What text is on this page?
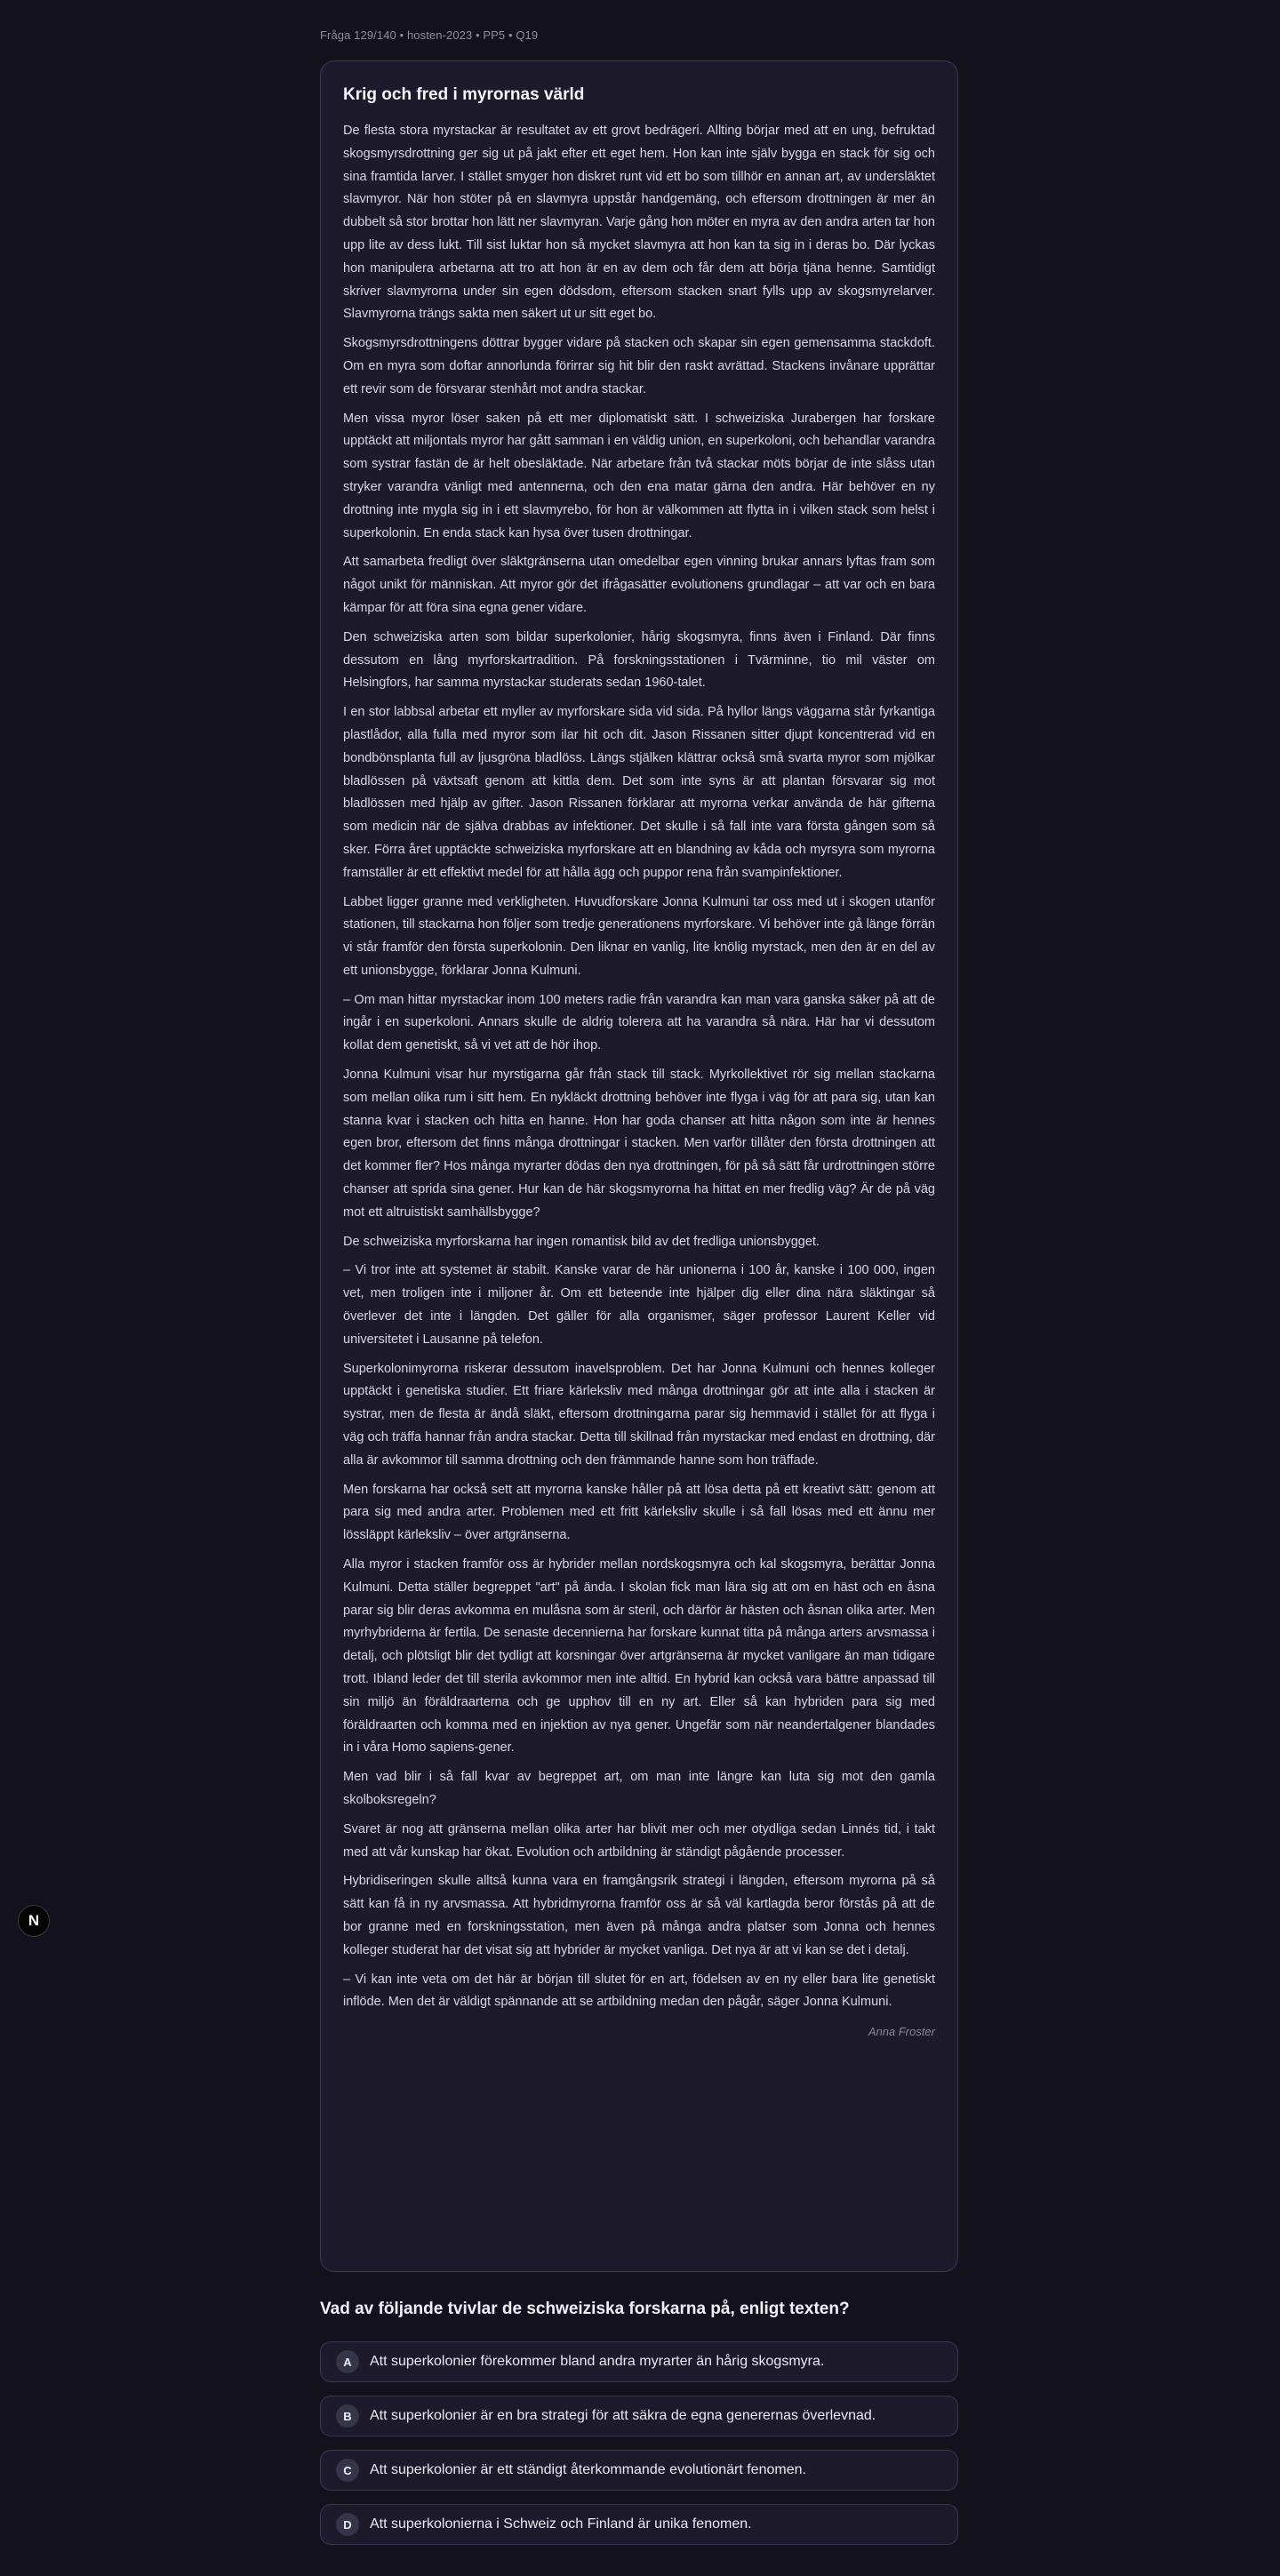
Fråga 129/140 • hosten-2023 • PP5 • Q19
Krig och fred i myrornas värld

De flesta stora myrstackar är resultatet av ett grovt bedrägeri. Allting börjar med att en ung, befruktad skogsmyrsdrottning ger sig ut på jakt efter ett eget hem. Hon kan inte själv bygga en stack för sig och sina framtida larver. I stället smyger hon diskret runt vid ett bo som tillhör en annan art, av undersläktet slavmyror. När hon stöter på en slavmyra uppstår handgemäng, och eftersom drottningen är mer än dubbelt så stor brottar hon lätt ner slavmyran. Varje gång hon möter en myra av den andra arten tar hon upp lite av dess lukt. Till sist luktar hon så mycket slavmyra att hon kan ta sig in i deras bo. Där lyckas hon manipulera arbetarna att tro att hon är en av dem och får dem att börja tjäna henne. Samtidigt skriver slavmyrorna under sin egen dödsdom, eftersom stacken snart fylls upp av skogsmyrelarver. Slavmyrorna trängs sakta men säkert ut ur sitt eget bo.

Skogsmyrsdrottningens döttrar bygger vidare på stacken och skapar sin egen gemensamma stackdoft. Om en myra som doftar annorlunda förirrar sig hit blir den raskt avrättad. Stackens invånare upprättar ett revir som de försvarar stenhårt mot andra stackar.

Men vissa myror löser saken på ett mer diplomatiskt sätt. I schweiziska Jurabergen har forskare upptäckt att miljontals myror har gått samman i en väldig union, en superkoloni, och behandlar varandra som systrar fastän de är helt obesläktade. När arbetare från två stackar möts börjar de inte slåss utan stryker varandra vänligt med antennerna, och den ena matar gärna den andra. Här behöver en ny drottning inte mygla sig in i ett slavmyrebo, för hon är välkommen att flytta in i vilken stack som helst i superkolonin. En enda stack kan hysa över tusen drottningar.

Att samarbeta fredligt över släktgränserna utan omedelbar egen vinning brukar annars lyftas fram som något unikt för människan. Att myror gör det ifrågasätter evolutionens grundlagar – att var och en bara kämpar för att föra sina egna gener vidare.

Den schweiziska arten som bildar superkolonier, hårig skogsmyra, finns även i Finland. Där finns dessutom en lång myrforskartradition. På forskningsstationen i Tvärminne, tio mil väster om Helsingfors, har samma myrstackar studerats sedan 1960-talet.

I en stor labbsal arbetar ett myller av myrforskare sida vid sida. På hyllor längs väggarna står fyrkantiga plastlådor, alla fulla med myror som ilar hit och dit. Jason Rissanen sitter djupt koncentrerad vid en bondbönsplanta full av ljusgröna bladlöss. Längs stjälken klättrar också små svarta myror som mjölkar bladlössen på växtsaft genom att kittla dem. Det som inte syns är att plantan försvarar sig mot bladlössen med hjälp av gifter. Jason Rissanen förklarar att myrorna verkar använda de här gifterna som medicin när de själva drabbas av infektioner. Det skulle i så fall inte vara första gången som så sker. Förra året upptäckte schweiziska myrforskare att en blandning av kåda och myrsyra som myrorna framställer är ett effektivt medel för att hålla ägg och puppor rena från svampinfektioner.

Labbet ligger granne med verkligheten. Huvudforskare Jonna Kulmuni tar oss med ut i skogen utanför stationen, till stackarna hon följer som tredje generationens myrforskare. Vi behöver inte gå länge förrän vi står framför den första superkolonin. Den liknar en vanlig, lite knölig myrstack, men den är en del av ett unionsbygge, förklarar Jonna Kulmuni.

– Om man hittar myrstackar inom 100 meters radie från varandra kan man vara ganska säker på att de ingår i en superkoloni. Annars skulle de aldrig tolerera att ha varandra så nära. Här har vi dessutom kollat dem genetiskt, så vi vet att de hör ihop.

Jonna Kulmuni visar hur myrstigarna går från stack till stack. Myrkollektivet rör sig mellan stackarna som mellan olika rum i sitt hem. En nykläckt drottning behöver inte flyga i väg för att para sig, utan kan stanna kvar i stacken och hitta en hanne. Hon har goda chanser att hitta någon som inte är hennes egen bror, eftersom det finns många drottningar i stacken. Men varför tillåter den första drottningen att det kommer fler? Hos många myrarter dödas den nya drottningen, för på så sätt får urdrottningen större chanser att sprida sina gener. Hur kan de här skogsmyrorna ha hittat en mer fredlig väg? Är de på väg mot ett altruistiskt samhällsbygge?

De schweiziska myrforskarna har ingen romantisk bild av det fredliga unionsbygget.

– Vi tror inte att systemet är stabilt. Kanske varar de här unionerna i 100 år, kanske i 100 000, ingen vet, men troligen inte i miljoner år. Om ett beteende inte hjälper dig eller dina nära släktingar så överlever det inte i längden. Det gäller för alla organismer, säger professor Laurent Keller vid universitetet i Lausanne på telefon.

Superkolonimyrorna riskerar dessutom inavelsproblem. Det har Jonna Kulmuni och hennes kolleger upptäckt i genetiska studier. Ett friare kärleksliv med många drottningar gör att inte alla i stacken är systrar, men de flesta är ändå släkt, eftersom drottningarna parar sig hemmavid i stället för att flyga i väg och träffa hannar från andra stackar. Detta till skillnad från myrstackar med endast en drottning, där alla är avkommor till samma drottning och den främmande hanne som hon träffade.

Men forskarna har också sett att myrorna kanske håller på att lösa detta på ett kreativt sätt: genom att para sig med andra arter. Problemen med ett fritt kärleksliv skulle i så fall lösas med ett ännu mer lössläppt kärleksliv – över artgränserna.

Alla myror i stacken framför oss är hybrider mellan nordskogsmyra och kal skogsmyra, berättar Jonna Kulmuni. Detta ställer begreppet "art" på ända. I skolan fick man lära sig att om en häst och en åsna parar sig blir deras avkomma en mulåsna som är steril, och därför är hästen och åsnan olika arter. Men myrhybriderna är fertila. De senaste decennierna har forskare kunnat titta på många arters arvsmassa i detalj, och plötsligt blir det tydligt att korsningar över artgränserna är mycket vanligare än man tidigare trott. Ibland leder det till sterila avkommor men inte alltid. En hybrid kan också vara bättre anpassad till sin miljö än föräldraarterna och ge upphov till en ny art. Eller så kan hybriden para sig med föräldraarten och komma med en injektion av nya gener. Ungefär som när neandertalgener blandades in i våra Homo sapiens-gener.

Men vad blir i så fall kvar av begreppet art, om man inte längre kan luta sig mot den gamla skolboksregeln?

Svaret är nog att gränserna mellan olika arter har blivit mer och mer otydliga sedan Linnés tid, i takt med att vår kunskap har ökat. Evolution och artbildning är ständigt pågående processer.

Hybridiseringen skulle alltså kunna vara en framgångsrik strategi i längden, eftersom myrorna på så sätt kan få in ny arvsmassa. Att hybridmyrorna framför oss är så väl kartlagda beror förstås på att de bor granne med en forskningsstation, men även på många andra platser som Jonna och hennes kolleger studerat har det visat sig att hybrider är mycket vanliga. Det nya är att vi kan se det i detalj.

– Vi kan inte veta om det här är början till slutet för en art, födelsen av en ny eller bara lite genetiskt inflöde. Men det är väldigt spännande att se artbildning medan den pågår, säger Jonna Kulmuni.

Anna Froster
Vad av följande tvivlar de schweiziska forskarna på, enligt texten?
A	Att superkolonier förekommer bland andra myrarter än hårig skogsmyra.
B	Att superkolonier är en bra strategi för att säkra de egna generernas överlevnad.
C	Att superkolonier är ett ständigt återkommande evolutionärt fenomen.
D	Att superkolonierna i Schweiz och Finland är unika fenomen.
N
